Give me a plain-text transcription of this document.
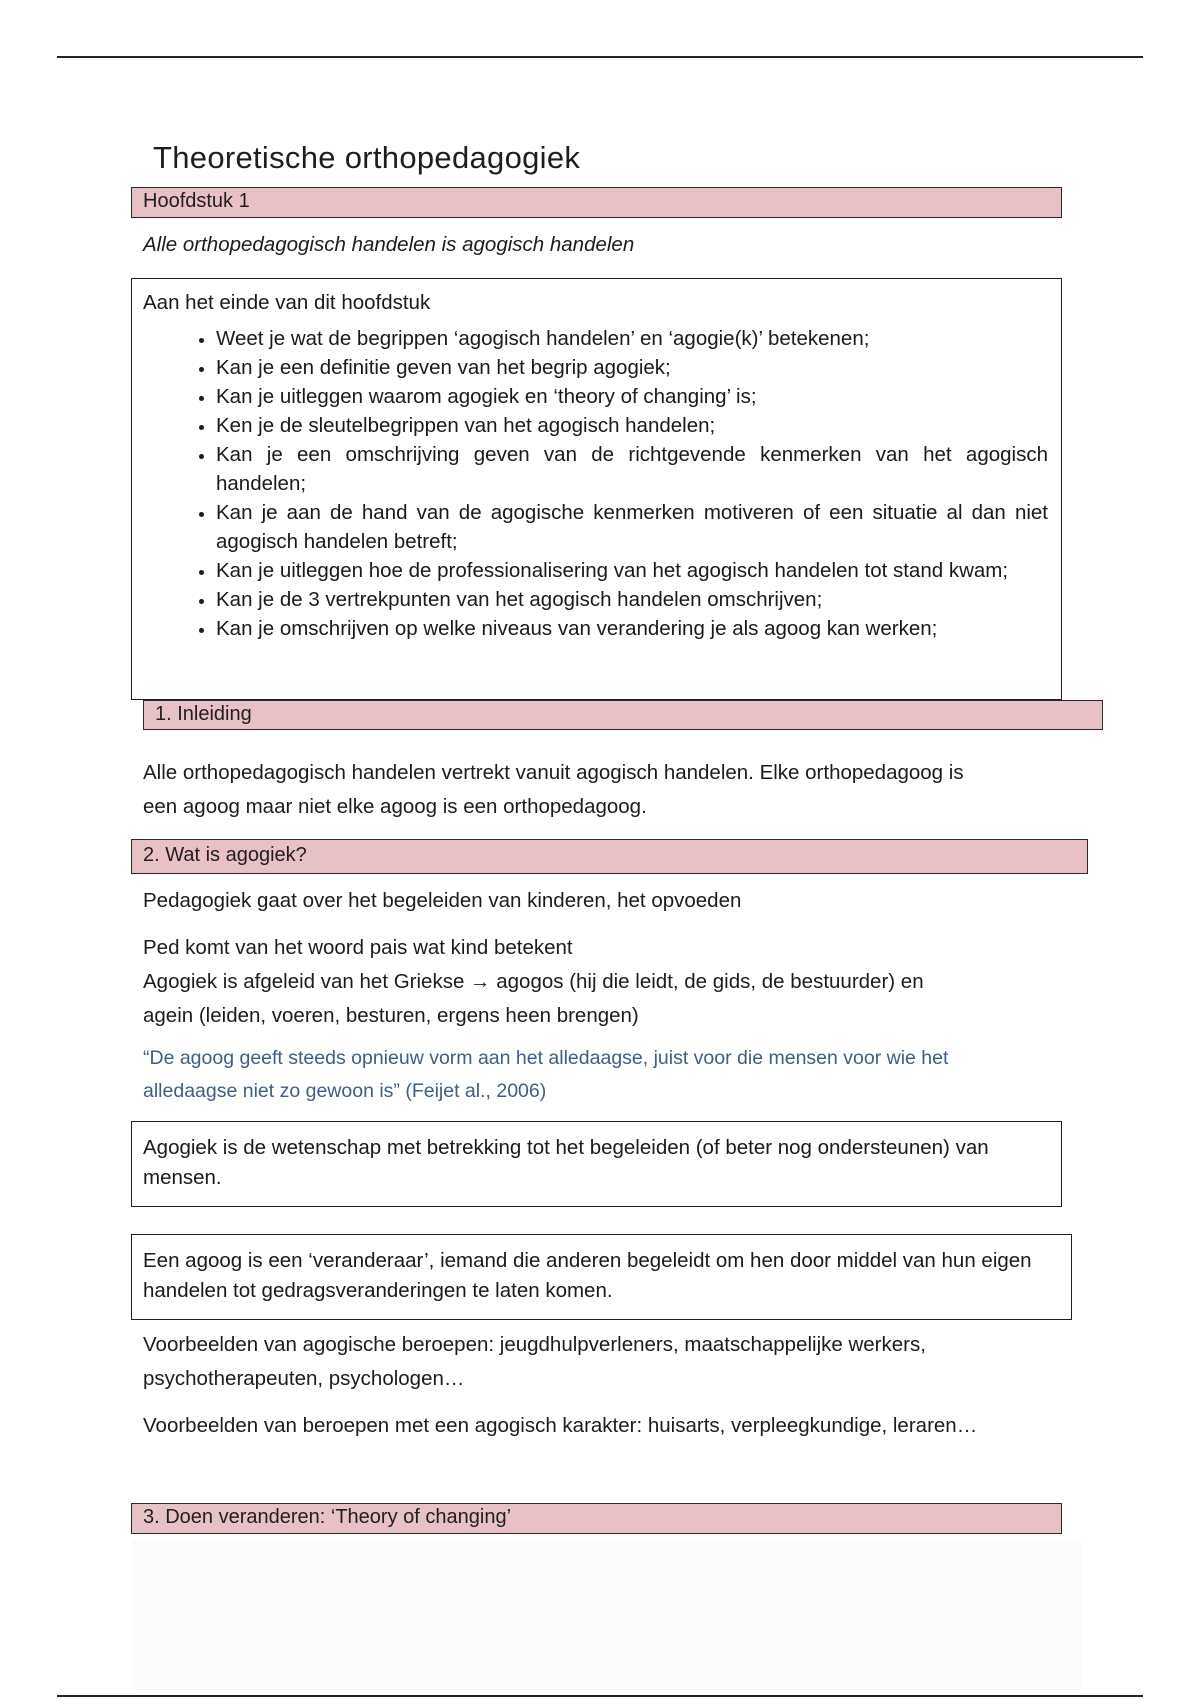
Theoretische orthopedagogiek
Hoofdstuk 1
Alle orthopedagogisch handelen is agogisch handelen

Aan het einde van dit hoofdstuk

• Weet je wat de begrippen ‘agogisch handelen’ en ‘agogie(k)’ betekenen;
• Kan je een definitie geven van het begrip agogiek;
• Kan je uitleggen waarom agogiek en ‘theory of changing’ is;
• Ken je de sleutelbegrippen van het agogisch handelen;
• Kan je een omschrijving geven van de richtgevende kenmerken van het agogisch handelen;
• Kan je aan de hand van de agogische kenmerken motiveren of een situatie al dan niet agogisch handelen betreft;
• Kan je uitleggen hoe de professionalisering van het agogisch handelen tot stand kwam;
• Kan je de 3 vertrekpunten van het agogisch handelen omschrijven;
• Kan je omschrijven op welke niveaus van verandering je als agoog kan werken;
1. Inleiding
Alle orthopedagogisch handelen vertrekt vanuit agogisch handelen. Elke orthopedagoog is
een agoog maar niet elke agoog is een orthopedagoog.
2. Wat is agogiek?
Pedagogiek gaat over het begeleiden van kinderen, het opvoeden
Ped komt van het woord pais wat kind betekent
Agogiek is afgeleid van het Griekse → agogos (hij die leidt, de gids, de bestuurder) en
agein (leiden, voeren, besturen, ergens heen brengen)
“De agoog geeft steeds opnieuw vorm aan het alledaagse, juist voor die mensen voor wie het
alledaagse niet zo gewoon is” (Feijet al., 2006)

Agogiek is de wetenschap met betrekking tot het begeleiden (of beter nog ondersteunen) van mensen.

Een agoog is een ‘veranderaar’, iemand die anderen begeleidt om hen door middel van hun eigen handelen tot gedragsveranderingen te laten komen.

Voorbeelden van agogische beroepen: jeugdhulpverleners, maatschappelijke werkers,
psychotherapeuten, psychologen…
Voorbeelden van beroepen met een agogisch karakter: huisarts, verpleegkundige, leraren…
3. Doen veranderen: ‘Theory of changing’
